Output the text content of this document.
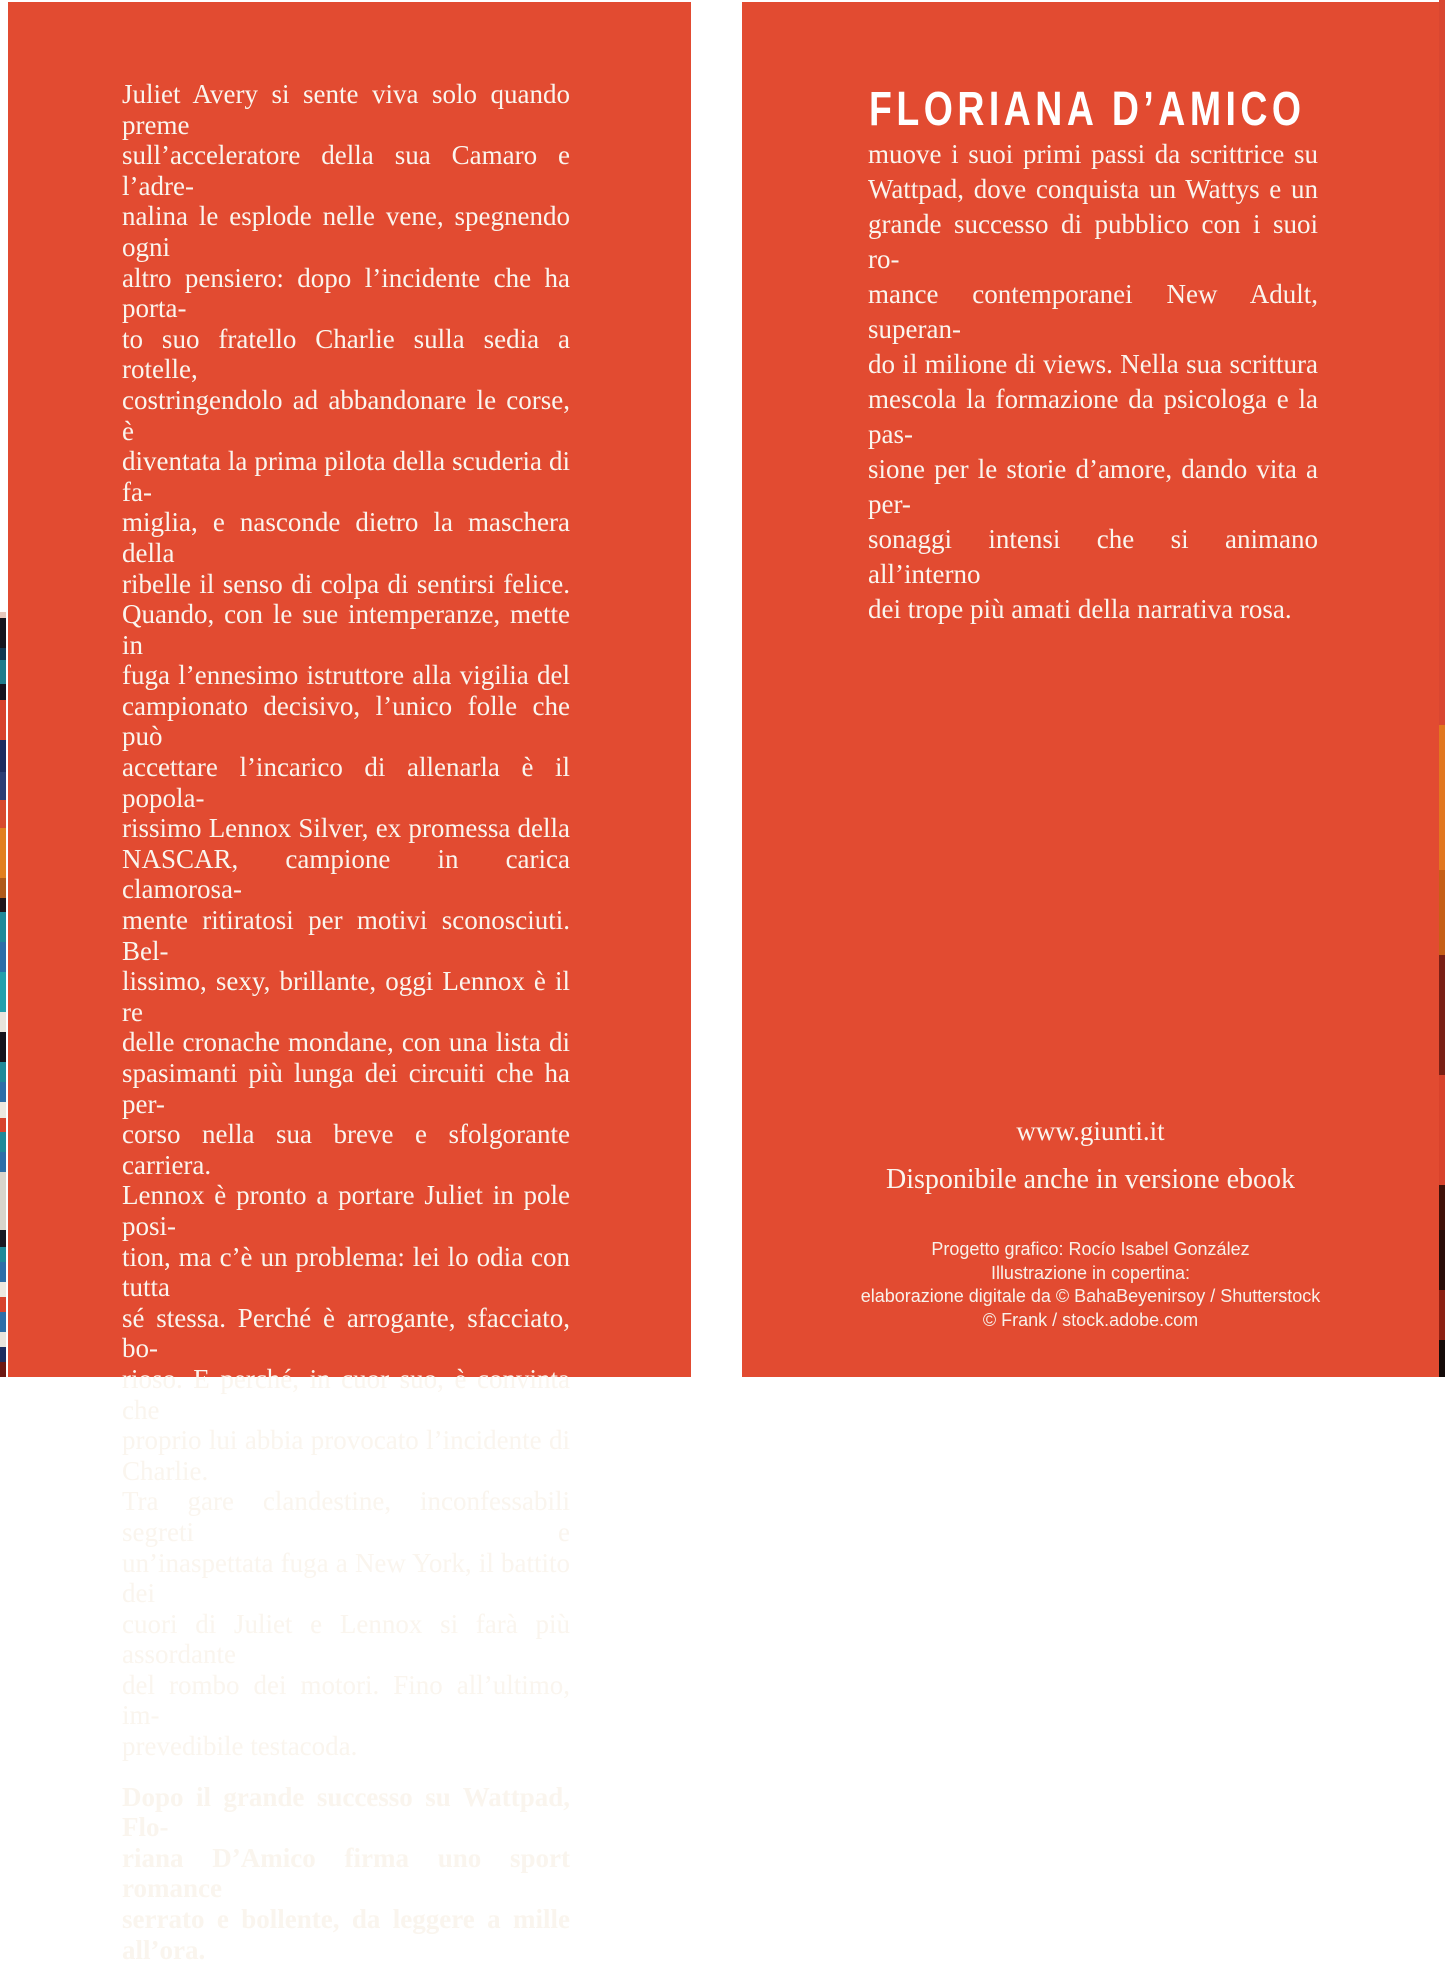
Juliet Avery si sente viva solo quando preme
sull’acceleratore della sua Camaro e l’adre-
nalina le esplode nelle vene, spegnendo ogni
altro pensiero: dopo l’incidente che ha porta-
to suo fratello Charlie sulla sedia a rotelle,
costringendolo ad abbandonare le corse, è
diventata la prima pilota della scuderia di fa-
miglia, e nasconde dietro la maschera della
ribelle il senso di colpa di sentirsi felice.
Quando, con le sue intemperanze, mette in
fuga l’ennesimo istruttore alla vigilia del
campionato decisivo, l’unico folle che può
accettare l’incarico di allenarla è il popola-
rissimo Lennox Silver, ex promessa della
NASCAR, campione in carica clamorosa-
mente ritiratosi per motivi sconosciuti. Bel-
lissimo, sexy, brillante, oggi Lennox è il re
delle cronache mondane, con una lista di
spasimanti più lunga dei circuiti che ha per-
corso nella sua breve e sfolgorante carriera.
Lennox è pronto a portare Juliet in pole posi-
tion, ma c’è un problema: lei lo odia con tutta
sé stessa. Perché è arrogante, sfacciato, bo-
rioso. E perché, in cuor suo, è convinta che
proprio lui abbia provocato l’incidente di
Charlie.
Tra gare clandestine, inconfessabili segreti e
un’inaspettata fuga a New York, il battito dei
cuori di Juliet e Lennox si farà più assordante
del rombo dei motori. Fino all’ultimo, im-
prevedibile testacoda.
Dopo il grande successo su Wattpad, Flo-
riana D’Amico firma uno sport romance
serrato e bollente, da leggere a mille all’ora.
FLORIANA D’AMICO
muove i suoi primi passi da scrittrice su
Wattpad, dove conquista un Wattys e un
grande successo di pubblico con i suoi ro-
mance contemporanei New Adult, superan-
do il milione di views. Nella sua scrittura
mescola la formazione da psicologa e la pas-
sione per le storie d’amore, dando vita a per-
sonaggi intensi che si animano all’interno
dei trope più amati della narrativa rosa.
www.giunti.it
Disponibile anche in versione ebook
Progetto grafico: Rocío Isabel González
Illustrazione in copertina:
elaborazione digitale da © BahaBeyenirsoy / Shutterstock
© Frank / stock.adobe.com
